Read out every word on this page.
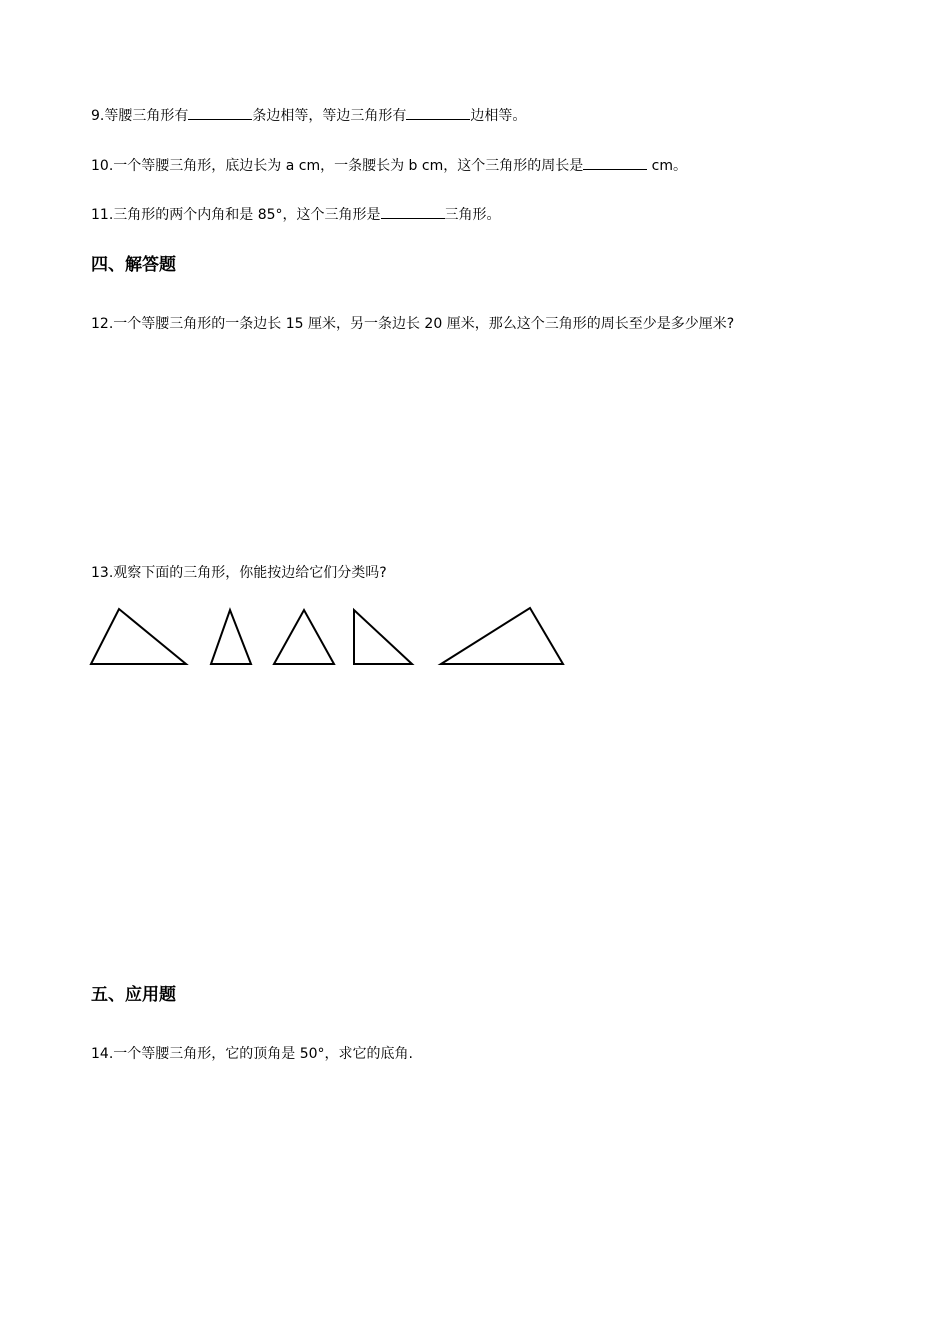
9.等腰三角形有	条边相等，等边三角形有	边相等。
10.一个等腰三角形，底边长为 a cm，一条腰长为 b cm，这个三角形的周长是	cm。
11.三角形的两个内角和是 85°，这个三角形是	三角形。
四、解答题
12.一个等腰三角形的一条边长 15 厘米，另一条边长 20 厘米，那么这个三角形的周长至少是多少厘米?
13.观察下面的三角形，你能按边给它们分类吗?
五、应用题
14.一个等腰三角形，它的顶角是 50°，求它的底角.
